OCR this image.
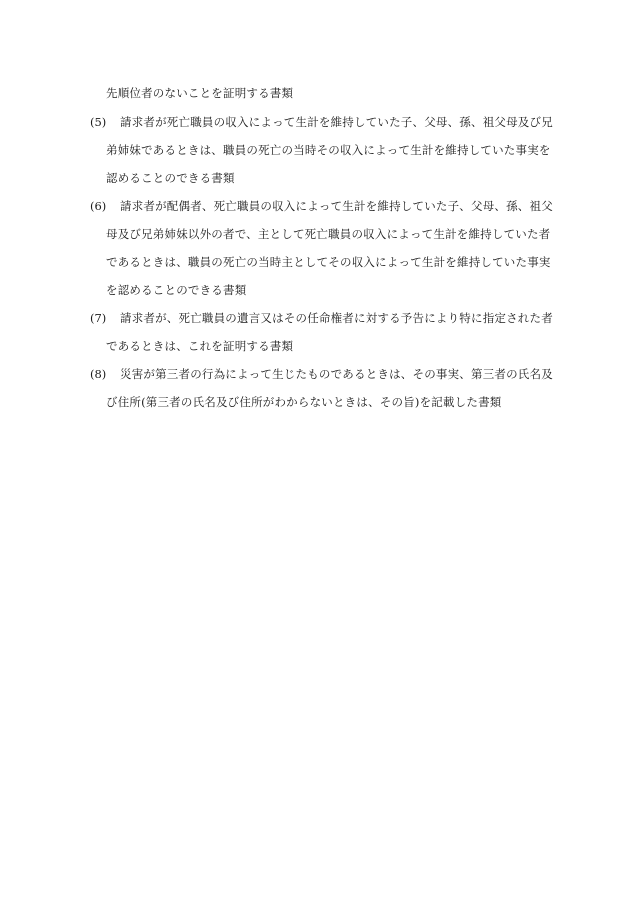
先順位者のないことを証明する書類
(5) 請求者が死亡職員の収入によって生計を維持していた子、父母、孫、祖父母及び兄
弟姉妹であるときは、職員の死亡の当時その収入によって生計を維持していた事実を
認めることのできる書類
(6) 請求者が配偶者、死亡職員の収入によって生計を維持していた子、父母、孫、祖父
母及び兄弟姉妹以外の者で、主として死亡職員の収入によって生計を維持していた者
であるときは、職員の死亡の当時主としてその収入によって生計を維持していた事実
を認めることのできる書類
(7) 請求者が、死亡職員の遺言又はその任命権者に対する予告により特に指定された者
であるときは、これを証明する書類
(8) 災害が第三者の行為によって生じたものであるときは、その事実、第三者の氏名及
び住所(第三者の氏名及び住所がわからないときは、その旨)を記載した書類
